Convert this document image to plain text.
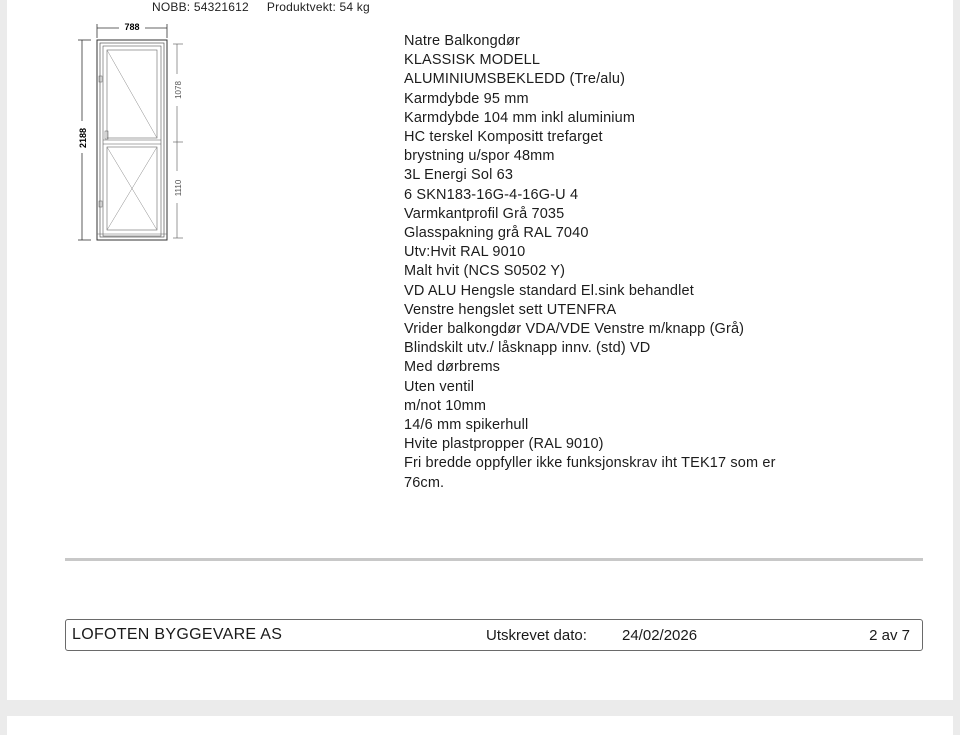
NOBB: 54321612 Produktvekt: 54 kg
788
2188
1078
1110
Natre Balkongdør
KLASSISK MODELL
ALUMINIUMSBEKLEDD (Tre/alu)
Karmdybde 95 mm
Karmdybde 104 mm inkl aluminium
HC terskel Kompositt trefarget
brystning u/spor 48mm
3L Energi Sol 63
6 SKN183-16G-4-16G-U 4
Varmkantprofil Grå 7035
Glasspakning grå RAL 7040
Utv:Hvit RAL 9010
Malt hvit (NCS S0502 Y)
VD ALU Hengsle standard El.sink behandlet
Venstre hengslet sett UTENFRA
Vrider balkongdør VDA/VDE Venstre m/knapp (Grå)
Blindskilt utv./ låsknapp innv. (std) VD
Med dørbrems
Uten ventil
m/not 10mm
14/6 mm spikerhull
Hvite plastpropper (RAL 9010)
Fri bredde oppfyller ikke funksjonskrav iht TEK17 som er 76cm.
LOFOTEN BYGGEVARE AS	Utskrevet dato: 24/02/2026	2 av 7
